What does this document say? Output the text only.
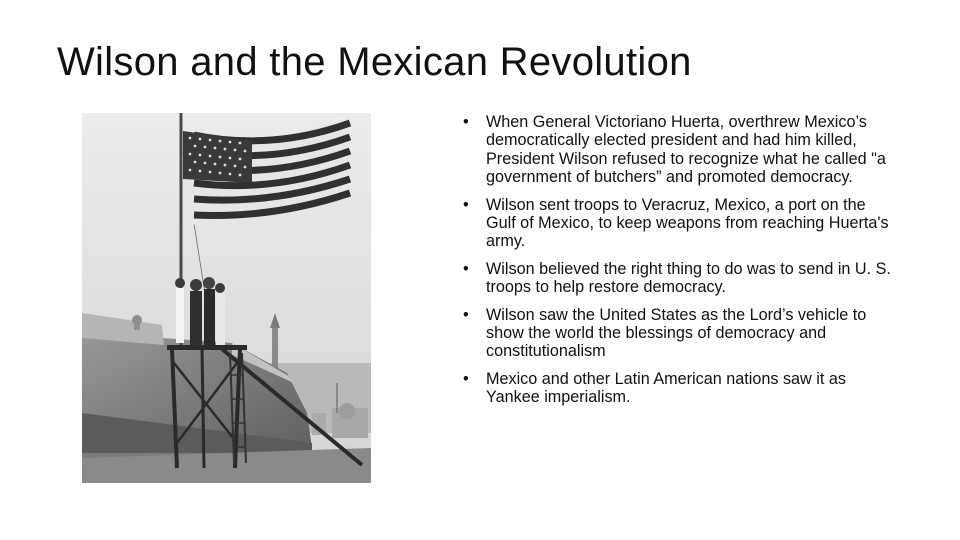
Wilson and the Mexican Revolution
•	When General Victoriano Huerta, overthrew Mexico’s democratically elected president and had him killed, President Wilson refused to recognize what he called "a government of butchers” and promoted democracy.
•	Wilson sent troops to Veracruz, Mexico, a port on the Gulf of Mexico, to keep weapons from reaching Huerta's army.
•	Wilson believed the right thing to do was to send in U. S. troops to help restore democracy.
•	Wilson saw the United States as the Lord’s vehicle to show the world the blessings of democracy and constitutionalism
•	Mexico and other Latin American nations saw it as Yankee imperialism.
